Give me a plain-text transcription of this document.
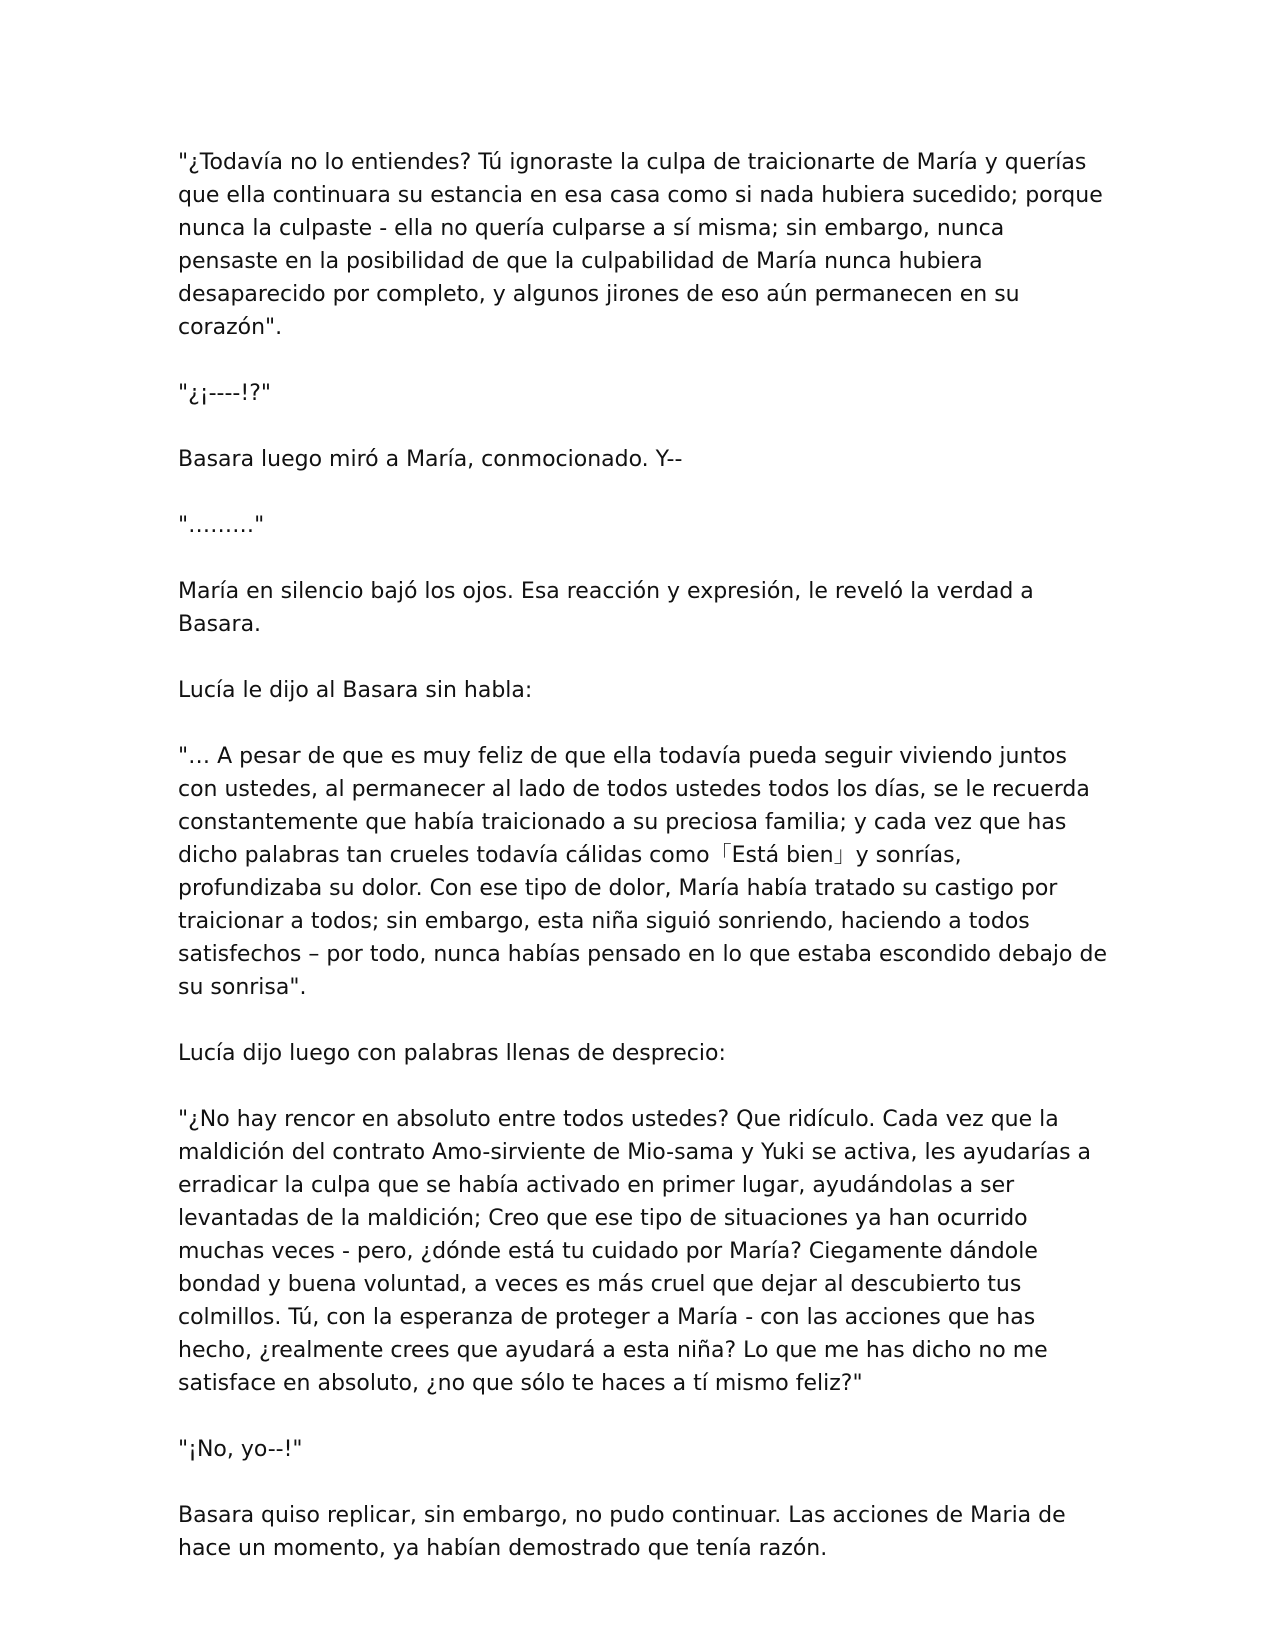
"¿Todavía no lo entiendes? Tú ignoraste la culpa de traicionarte de María y querías que ella continuara su estancia en esa casa como si nada hubiera sucedido; porque nunca la culpaste - ella no quería culparse a sí misma; sin embargo, nunca pensaste en la posibilidad de que la culpabilidad de María nunca hubiera desaparecido por completo, y algunos jirones de eso aún permanecen en su corazón".

"¿¡----!?"

Basara luego miró a María, conmocionado. Y--

"………"

María en silencio bajó los ojos. Esa reacción y expresión, le reveló la verdad a Basara.

Lucía le dijo al Basara sin habla:

"… A pesar de que es muy feliz de que ella todavía pueda seguir viviendo juntos con ustedes, al permanecer al lado de todos ustedes todos los días, se le recuerda constantemente que había traicionado a su preciosa familia; y cada vez que has dicho palabras tan crueles todavía cálidas como「Está bien」y sonrías, profundizaba su dolor. Con ese tipo de dolor, María había tratado su castigo por traicionar a todos; sin embargo, esta niña siguió sonriendo, haciendo a todos satisfechos – por todo, nunca habías pensado en lo que estaba escondido debajo de su sonrisa".

Lucía dijo luego con palabras llenas de desprecio:

"¿No hay rencor en absoluto entre todos ustedes? Que ridículo. Cada vez que la maldición del contrato Amo-sirviente de Mio-sama y Yuki se activa, les ayudarías a erradicar la culpa que se había activado en primer lugar, ayudándolas a ser levantadas de la maldición; Creo que ese tipo de situaciones ya han ocurrido muchas veces - pero, ¿dónde está tu cuidado por María? Ciegamente dándole bondad y buena voluntad, a veces es más cruel que dejar al descubierto tus colmillos. Tú, con la esperanza de proteger a María - con las acciones que has hecho, ¿realmente crees que ayudará a esta niña? Lo que me has dicho no me satisface en absoluto, ¿no que sólo te haces a tí mismo feliz?"

"¡No, yo--!"

Basara quiso replicar, sin embargo, no pudo continuar. Las acciones de Maria de hace un momento, ya habían demostrado que tenía razón.
